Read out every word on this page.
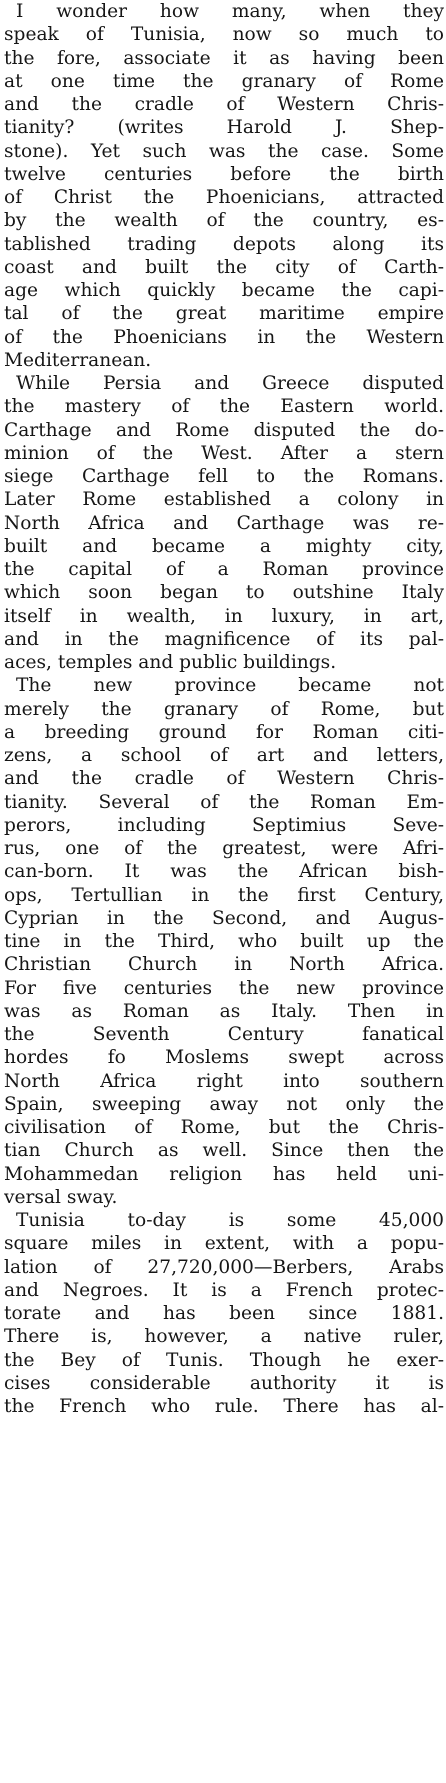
I wonder how many, when they
speak of Tunisia, now so much to
the fore, associate it as having been
at one time the granary of Rome
and the cradle of Western Chris-
tianity? (writes Harold J. Shep-
stone). Yet such was the case. Some
twelve centuries before the birth
of Christ the Phoenicians, attracted
by the wealth of the country, es-
tablished trading depots along its
coast and built the city of Carth-
age which quickly became the capi-
tal of the great maritime empire
of the Phoenicians in the Western
Mediterranean.
While Persia and Greece disputed
the mastery of the Eastern world.
Carthage and Rome disputed the do-
minion of the West. After a stern
siege Carthage fell to the Romans.
Later Rome established a colony in
North Africa and Carthage was re-
built and became a mighty city,
the capital of a Roman province
which soon began to outshine Italy
itself in wealth, in luxury, in art,
and in the magnificence of its pal-
aces, temples and public buildings.
The new province became not
merely the granary of Rome, but
a breeding ground for Roman citi-
zens, a school of art and letters,
and the cradle of Western Chris-
tianity. Several of the Roman Em-
perors, including Septimius Seve-
rus, one of the greatest, were Afri-
can-born. It was the African bish-
ops, Tertullian in the first Century,
Cyprian in the Second, and Augus-
tine in the Third, who built up the
Christian Church in North Africa.
For five centuries the new province
was as Roman as Italy. Then in
the Seventh Century fanatical
hordes fo Moslems swept across
North Africa right into southern
Spain, sweeping away not only the
civilisation of Rome, but the Chris-
tian Church as well. Since then the
Mohammedan religion has held uni-
versal sway.
Tunisia to-day is some 45,000
square miles in extent, with a popu-
lation of 27,720,000—Berbers, Arabs
and Negroes. It is a French protec-
torate and has been since 1881.
There is, however, a native ruler,
the Bey of Tunis. Though he exer-
cises considerable authority it is
the French who rule. There has al-
